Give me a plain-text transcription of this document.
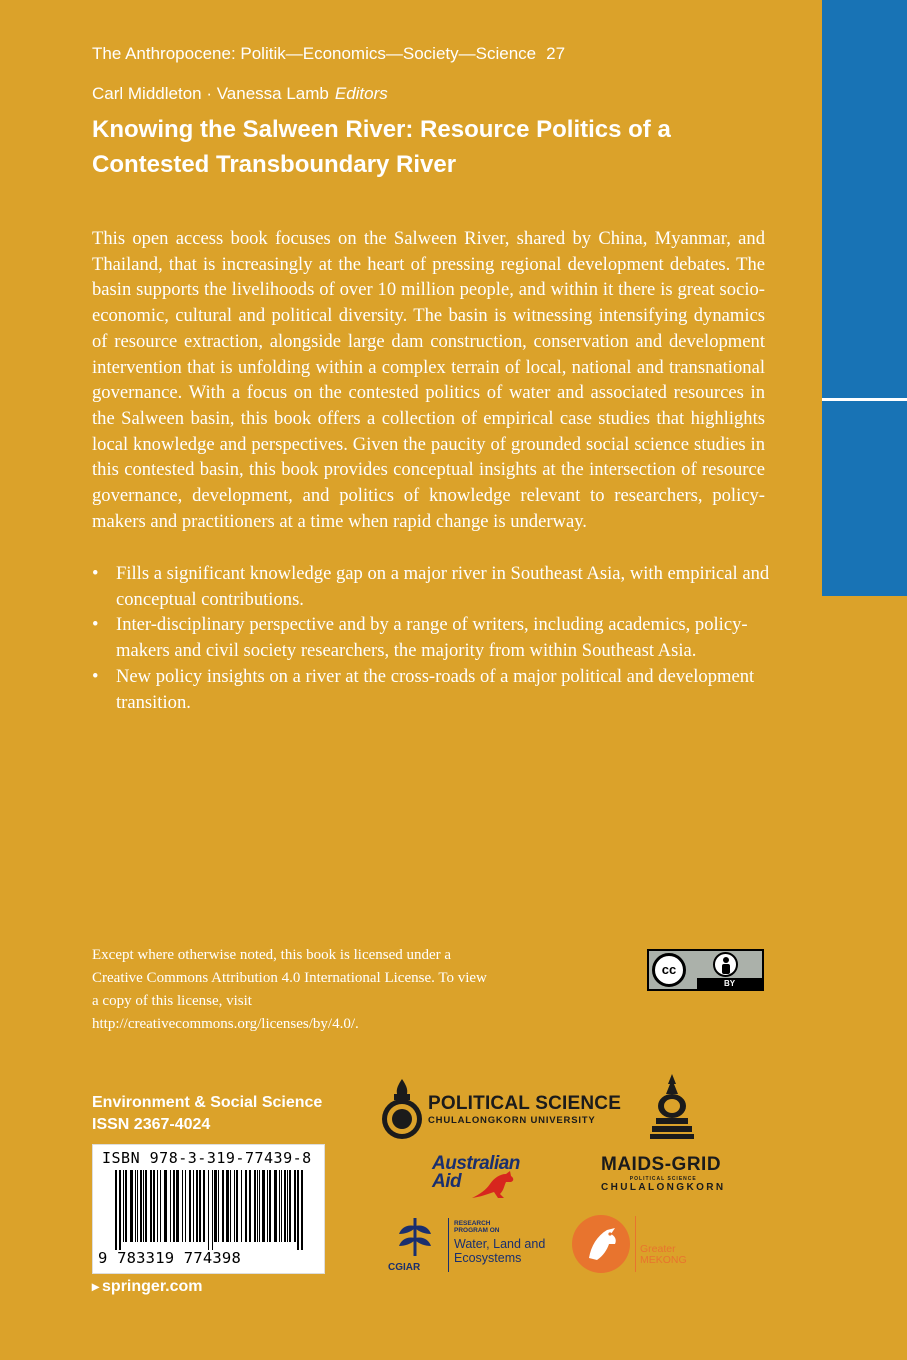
The Anthropocene: Politik—Economics—Society—Science 27
Carl Middleton · Vanessa Lamb Editors
Knowing the Salween River: Resource Politics of a Contested Transboundary River

This open access book focuses on the Salween River, shared by China, Myanmar, and Thailand, that is increasingly at the heart of pressing regional development debates. The basin supports the livelihoods of over 10 million people, and within it there is great socio-economic, cultural and political diversity. The basin is witnessing intensifying dynamics of resource extraction, alongside large dam construction, conservation and development intervention that is unfolding within a complex terrain of local, national and transnational governance. With a focus on the contested politics of water and associated resources in the Salween basin, this book offers a collection of empirical case studies that highlights local knowledge and perspectives. Given the paucity of grounded social science studies in this contested basin, this book provides conceptual insights at the intersection of resource governance, development, and politics of knowledge relevant to researchers, policy-makers and practitioners at a time when rapid change is underway.

• Fills a significant knowledge gap on a major river in Southeast Asia, with empirical and conceptual contributions.
• Inter-disciplinary perspective and by a range of writers, including academics, policy-makers and civil society researchers, the majority from within Southeast Asia.
• New policy insights on a river at the cross-roads of a major political and development transition.

Except where otherwise noted, this book is licensed under a Creative Commons Attribution 4.0 International License. To view a copy of this license, visit http://creativecommons.org/licenses/by/4.0/.

cc
BY
Environment & Social Science
ISSN 2367-4024
ISBN 978-3-319-77439-8
9 783319 774398
▸ springer.com
POLITICAL SCIENCE
CHULALONGKORN UNIVERSITY
Australian
Aid
MAIDS-GRID
POLITICAL SCIENCE
CHULALONGKORN
CGIAR
RESEARCH
PROGRAM ON
Water, Land and
Ecosystems
Greater
MEKONG
